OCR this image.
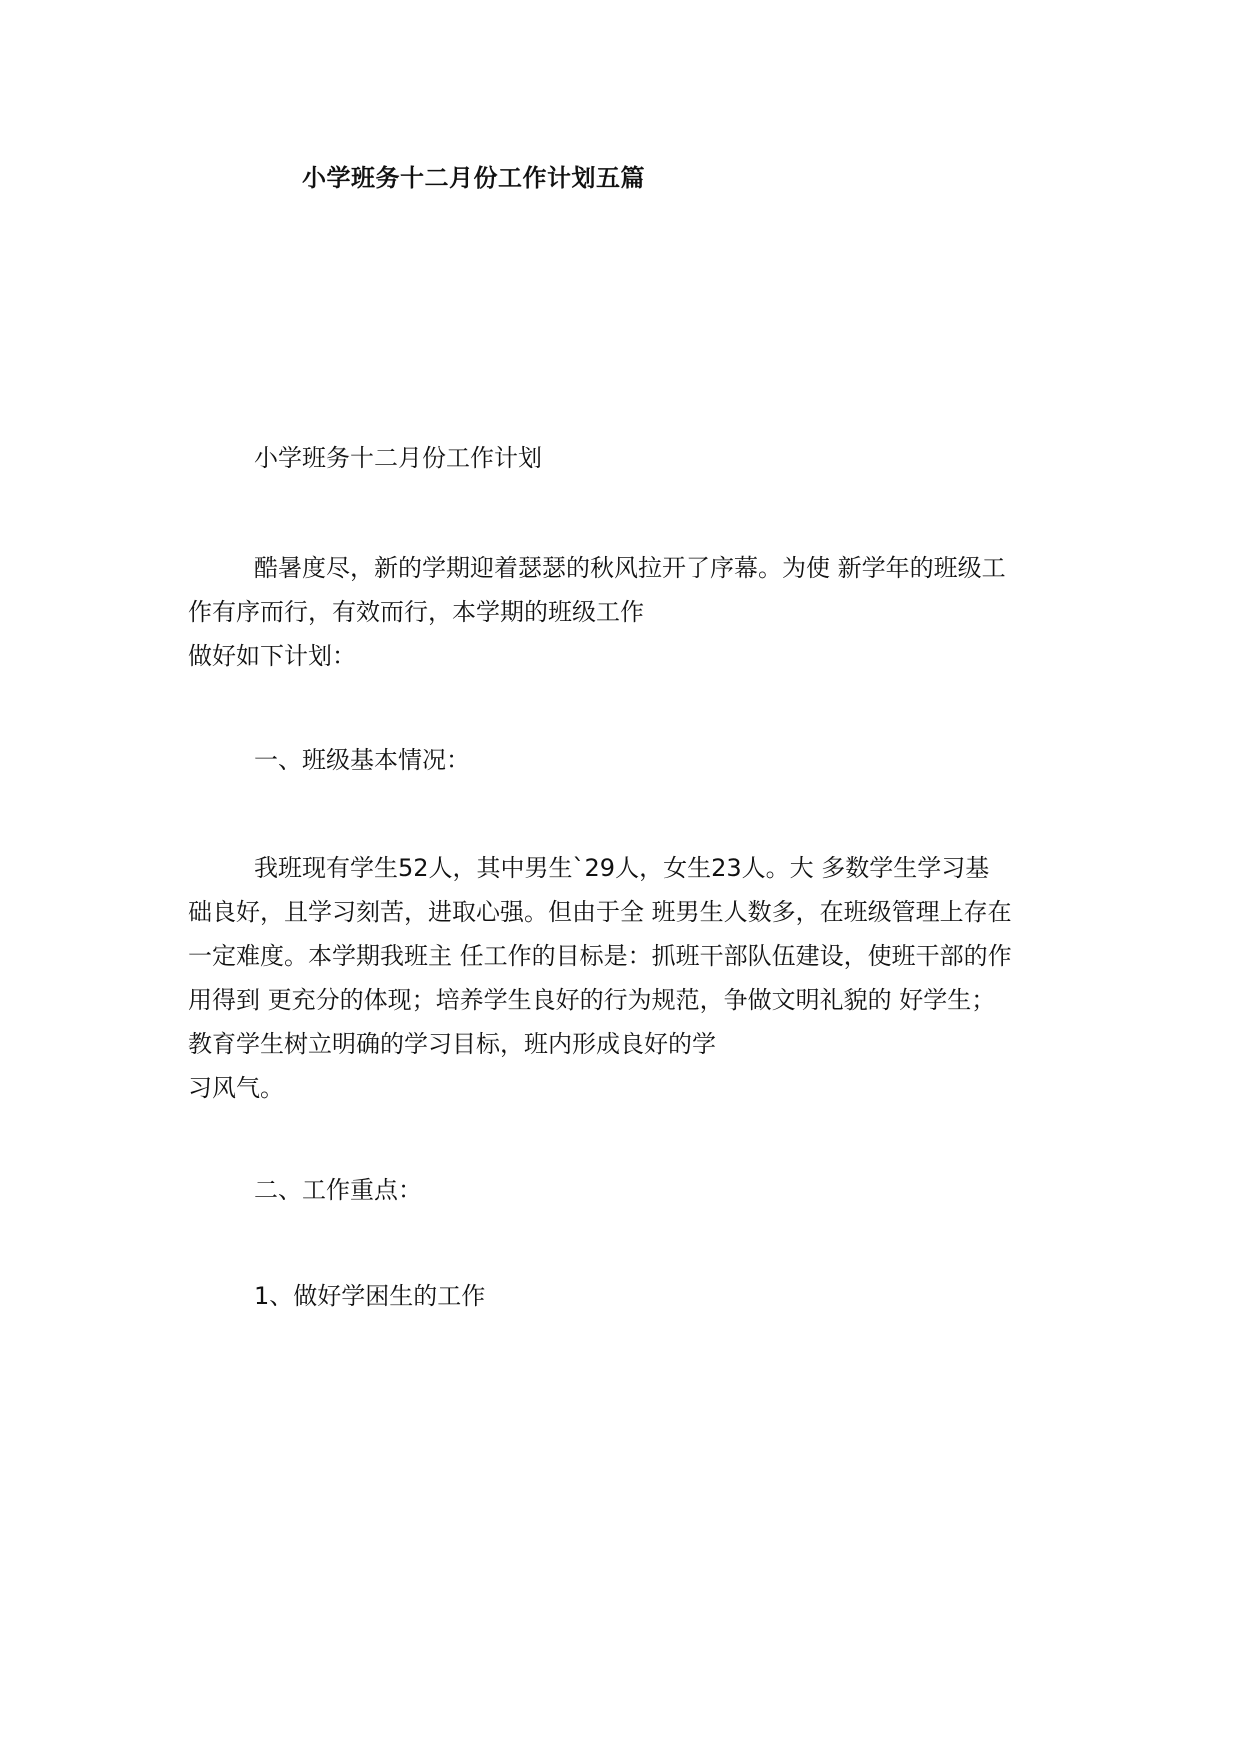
小学班务十二月份工作计划五篇
小学班务十二月份工作计划
酷暑度尽，新的学期迎着瑟瑟的秋风拉开了序幕。为使 新学年的班级工
作有序而行，有效而行，本学期的班级工作
做好如下计划：
一、班级基本情况：
我班现有学生52人，其中男生`29人，女生23人。大 多数学生学习基
础良好，且学习刻苦，进取心强。但由于全 班男生人数多，在班级管理上存在
一定难度。本学期我班主 任工作的目标是：抓班干部队伍建设，使班干部的作
用得到 更充分的体现；培养学生良好的行为规范，争做文明礼貌的 好学生；
教育学生树立明确的学习目标，班内形成良好的学
习风气。
二、工作重点：
1、做好学困生的工作
